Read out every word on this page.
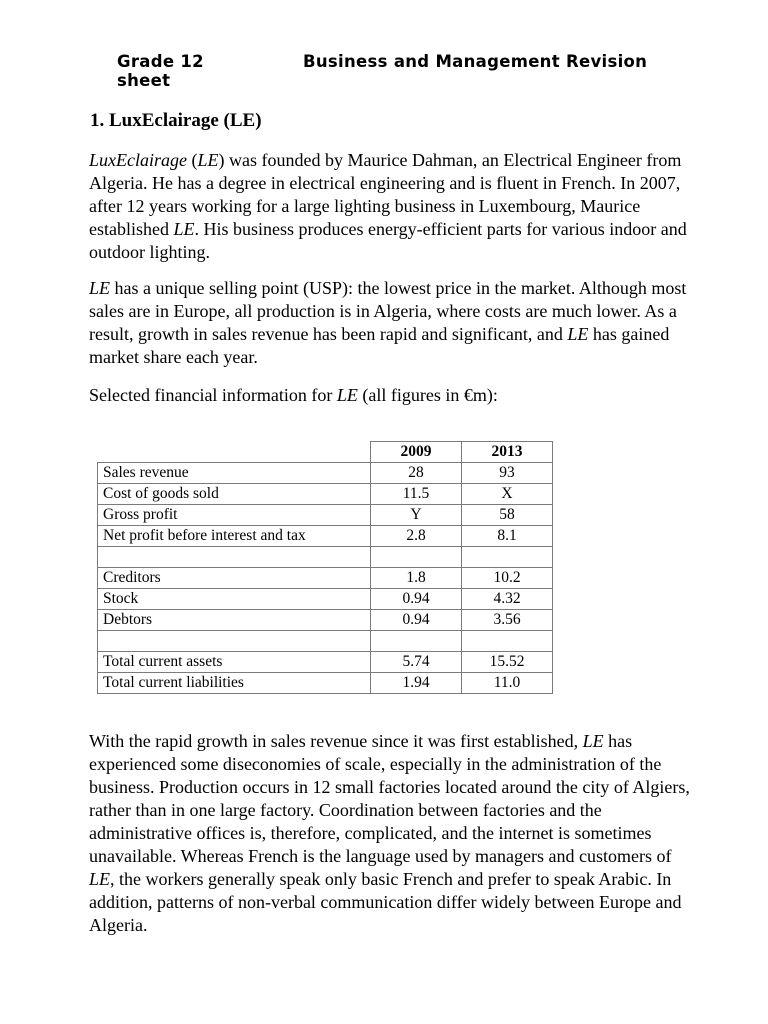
Grade 12	Business and Management Revision
sheet
1. LuxEclairage (LE)

LuxEclairage (LE) was founded by Maurice Dahman, an Electrical Engineer from Algeria. He has a degree in electrical engineering and is fluent in French. In 2007, after 12 years working for a large lighting business in Luxembourg, Maurice established LE. His business produces energy-efficient parts for various indoor and outdoor lighting.

LE has a unique selling point (USP): the lowest price in the market. Although most sales are in Europe, all production is in Algeria, where costs are much lower. As a result, growth in sales revenue has been rapid and significant, and LE has gained market share each year.

Selected financial information for LE (all figures in €m):

	2009	2013
Sales revenue	28	93
Cost of goods sold	11.5	X
Gross profit	Y	58
Net profit before interest and tax	2.8	8.1

Creditors	1.8	10.2
Stock	0.94	4.32
Debtors	0.94	3.56

Total current assets	5.74	15.52
Total current liabilities	1.94	11.0

With the rapid growth in sales revenue since it was first established, LE has experienced some diseconomies of scale, especially in the administration of the business. Production occurs in 12 small factories located around the city of Algiers, rather than in one large factory. Coordination between factories and the administrative offices is, therefore, complicated, and the internet is sometimes unavailable. Whereas French is the language used by managers and customers of LE, the workers generally speak only basic French and prefer to speak Arabic. In addition, patterns of non-verbal communication differ widely between Europe and Algeria.
